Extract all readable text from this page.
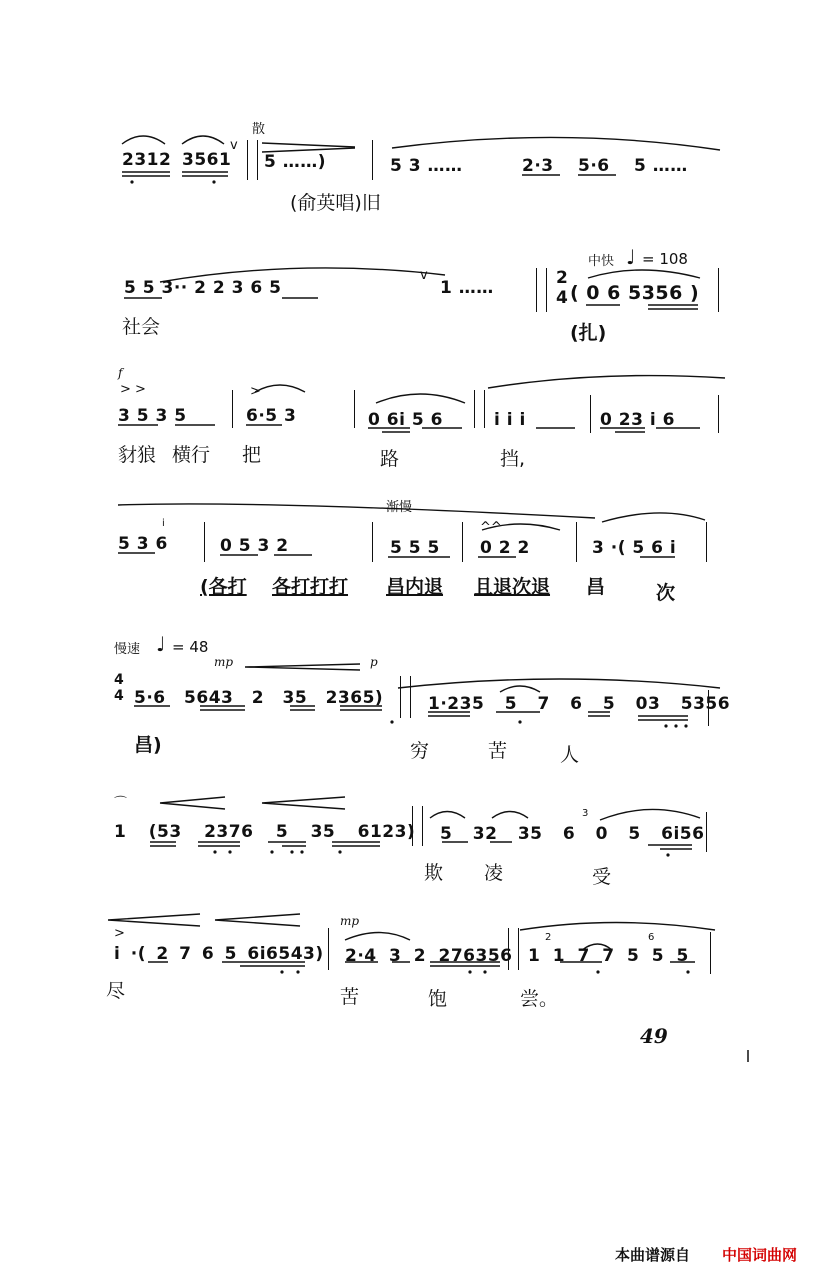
散
2312 3561
v
5 ……)	5 3 ……	2·3 5·6 5 ……
(俞英唱)旧
中快 ♩ = 108
5 5 3·· 2 2 3 6 5	1 ……
v	2
4 ( 0 6 5356 )
社会	(扎)
f
> >	>
3 5 3 5	6·5 3	0 6i 5 6	i i i	0 23 i 6
豺狼 横行 把	路	挡,
渐慢
5 3 6
i
0 5 3 2	5 5 5
^^
0 2 2	3 ·( 5 6 i
(各打 各打打打 昌内退 且退次退 昌	次
慢速 ♩ = 48
mp	p
4
4 5·6 5643 2 35 2365)	1·235 5 7 6 5 03 5356
昌)	穷	苦	人
⌒
1 (53 2376 5 35 6123) 5 32 35 6 0 5 6i56
3
欺 凌	受
mp
>
i ·( 2 7 6 5 6i6543) 2·4 3 2 276356 1 1 7 7 5 5 5
2	6
尽	苦	饱	尝。
49
本曲谱源自 中国词曲网
